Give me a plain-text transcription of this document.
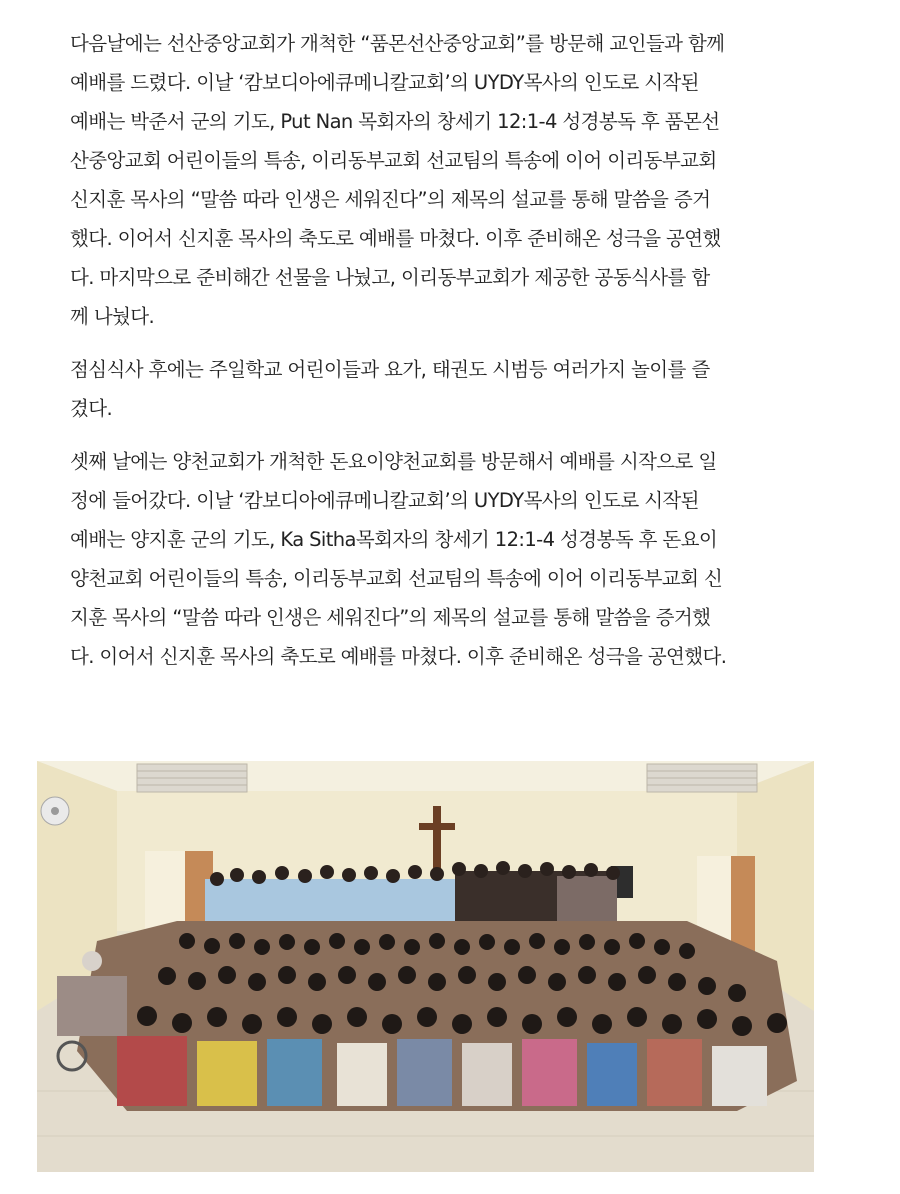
다음날에는 선산중앙교회가 개척한 “품몬선산중앙교회”를 방문해 교인들과 함께
예배를 드렸다. 이날 ‘캄보디아에큐메니칼교회’의 UYDY목사의 인도로 시작된
예배는 박준서 군의 기도, Put Nan 목회자의 창세기 12:1-4 성경봉독 후 품몬선
산중앙교회 어린이들의 특송, 이리동부교회 선교팀의 특송에 이어 이리동부교회
신지훈 목사의 “말씀 따라 인생은 세워진다”의 제목의 설교를 통해 말씀을 증거
했다. 이어서 신지훈 목사의 축도로 예배를 마쳤다. 이후 준비해온 성극을 공연했
다. 마지막으로 준비해간 선물을 나눴고, 이리동부교회가 제공한 공동식사를 함
께 나눴다.
점심식사 후에는 주일학교 어린이들과 요가, 태권도 시범등 여러가지 놀이를 즐
겼다.
셋째 날에는 양천교회가 개척한 돈요이양천교회를 방문해서 예배를 시작으로 일
정에 들어갔다. 이날 ‘캄보디아에큐메니칼교회’의 UYDY목사의 인도로 시작된
예배는 양지훈 군의 기도, Ka Sitha목회자의 창세기 12:1-4 성경봉독 후 돈요이
양천교회 어린이들의 특송, 이리동부교회 선교팀의 특송에 이어 이리동부교회 신
지훈 목사의 “말씀 따라 인생은 세워진다”의 제목의 설교를 통해 말씀을 증거했
다. 이어서 신지훈 목사의 축도로 예배를 마쳤다. 이후 준비해온 성극을 공연했다.
